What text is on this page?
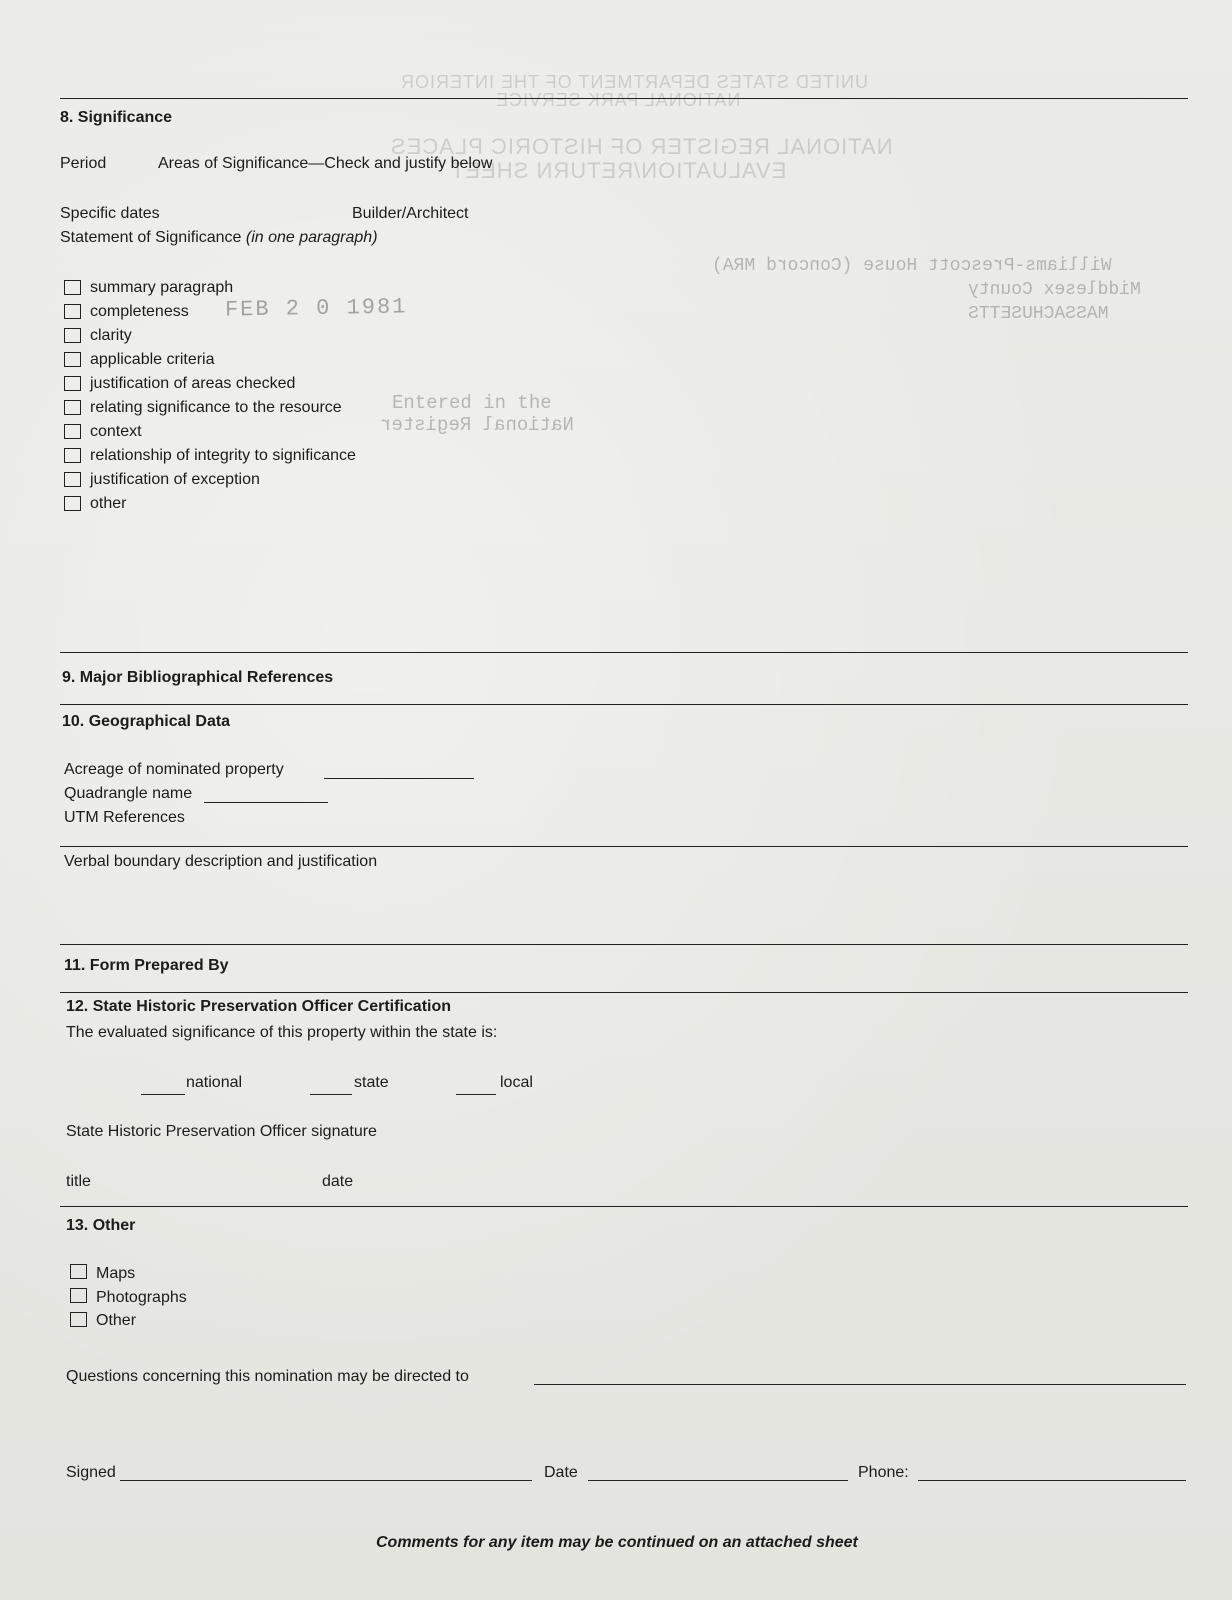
UNITED STATES DEPARTMENT OF THE INTERIOR
NATIONAL PARK SERVICE
NATIONAL REGISTER OF HISTORIC PLACES
EVALUATION/RETURN SHEET
Williams-Prescott House (Concord MRA)
Middlesex County
MASSACHUSETTS
Entered in the
National Register
FEB 2 0 1981
8. Significance
Period	Areas of Significance—Check and justify below
Specific dates	Builder/Architect
Statement of Significance (in one paragraph)
summary paragraph
completeness
clarity
applicable criteria
justification of areas checked
relating significance to the resource
context
relationship of integrity to significance
justification of exception
other
9. Major Bibliographical References
10. Geographical Data
Acreage of nominated property
Quadrangle name
UTM References
Verbal boundary description and justification
11. Form Prepared By
12. State Historic Preservation Officer Certification
The evaluated significance of this property within the state is:
national	state	local
State Historic Preservation Officer signature
title	date
13. Other
Maps
Photographs
Other
Questions concerning this nomination may be directed to
Signed	Date	Phone:
Comments for any item may be continued on an attached sheet
